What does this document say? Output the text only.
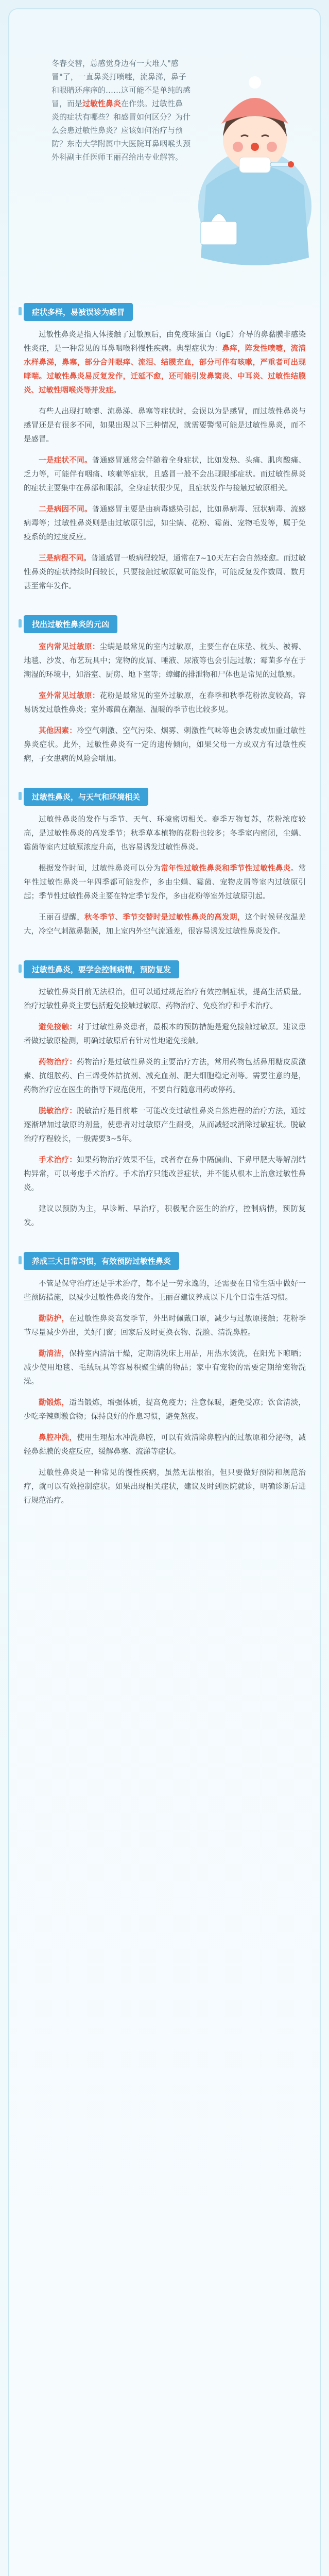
冬春交替，总感觉身边有一大堆人"感冒"了，一直鼻炎打喷嚏，流鼻涕，鼻子和眼睛还痒痒的……这可能不是单纯的感冒，而是过敏性鼻炎在作祟。过敏性鼻炎的症状有哪些？和感冒如何区分？为什么会患过敏性鼻炎？应该如何治疗与预防？东南大学附属中大医院耳鼻咽喉头颈外科副主任医师王丽召给出专业解答。
症状多样，易被误诊为感冒

过敏性鼻炎是指人体接触了过敏原后，由免疫球蛋白（IgE）介导的鼻黏膜非感染性炎症，是一种常见的耳鼻咽喉科慢性疾病。典型症状为：鼻痒，阵发性喷嚏，流清水样鼻涕，鼻塞，部分合并眼痒、流泪、结膜充血，部分可伴有咳嗽，严重者可出现哮喘。过敏性鼻炎易反复发作，迁延不愈，还可能引发鼻窦炎、中耳炎、过敏性结膜炎、过敏性咽喉炎等并发症。

有些人出现打喷嚏、流鼻涕、鼻塞等症状时，会误以为是感冒，而过敏性鼻炎与感冒还是有很多不同，如果出现以下三种情况，就需要警惕可能是过敏性鼻炎，而不是感冒。

一是症状不同。普通感冒通常会伴随着全身症状，比如发热、头痛、肌肉酸痛、乏力等，可能伴有咽痛、咳嗽等症状，且感冒一般不会出现眼部症状。而过敏性鼻炎的症状主要集中在鼻部和眼部，全身症状很少见，且症状发作与接触过敏原相关。

二是病因不同。普通感冒主要是由病毒感染引起，比如鼻病毒、冠状病毒、流感病毒等；过敏性鼻炎则是由过敏原引起，如尘螨、花粉、霉菌、宠物毛发等，属于免疫系统的过度反应。

三是病程不同。普通感冒一般病程较短，通常在7~10天左右会自然痊愈。而过敏性鼻炎的症状持续时间较长，只要接触过敏原就可能发作，可能反复发作数周、数月甚至常年发作。

找出过敏性鼻炎的元凶

室内常见过敏原：尘螨是最常见的室内过敏原，主要生存在床垫、枕头、被褥、地毯、沙发、布艺玩具中；宠物的皮屑、唾液、尿液等也会引起过敏；霉菌多存在于潮湿的环境中，如浴室、厨房、地下室等；蟑螂的排泄物和尸体也是常见的过敏原。

室外常见过敏原：花粉是最常见的室外过敏原，在春季和秋季花粉浓度较高，容易诱发过敏性鼻炎；室外霉菌在潮湿、温暖的季节也比较多见。

其他因素：冷空气刺激、空气污染、烟雾、刺激性气味等也会诱发或加重过敏性鼻炎症状。此外，过敏性鼻炎有一定的遗传倾向，如果父母一方或双方有过敏性疾病，子女患病的风险会增加。

过敏性鼻炎，与天气和环境相关

过敏性鼻炎的发作与季节、天气、环境密切相关。春季万物复苏，花粉浓度较高，是过敏性鼻炎的高发季节；秋季草本植物的花粉也较多；冬季室内密闭，尘螨、霉菌等室内过敏原浓度升高，也容易诱发过敏性鼻炎。

根据发作时间，过敏性鼻炎可以分为常年性过敏性鼻炎和季节性过敏性鼻炎。常年性过敏性鼻炎一年四季都可能发作，多由尘螨、霉菌、宠物皮屑等室内过敏原引起；季节性过敏性鼻炎主要在特定季节发作，多由花粉等室外过敏原引起。

王丽召提醒，秋冬季节、季节交替时是过敏性鼻炎的高发期，这个时候昼夜温差大，冷空气刺激鼻黏膜，加上室内外空气流通差，很容易诱发过敏性鼻炎发作。

过敏性鼻炎，要学会控制病情，预防复发

过敏性鼻炎目前无法根治，但可以通过规范治疗有效控制症状，提高生活质量。治疗过敏性鼻炎主要包括避免接触过敏原、药物治疗、免疫治疗和手术治疗。

避免接触：对于过敏性鼻炎患者，最根本的预防措施是避免接触过敏原。建议患者做过敏原检测，明确过敏原后有针对性地避免接触。

药物治疗：药物治疗是过敏性鼻炎的主要治疗方法，常用药物包括鼻用糖皮质激素、抗组胺药、白三烯受体拮抗剂、减充血剂、肥大细胞稳定剂等。需要注意的是，药物治疗应在医生的指导下规范使用，不要自行随意用药或停药。

脱敏治疗：脱敏治疗是目前唯一可能改变过敏性鼻炎自然进程的治疗方法，通过逐渐增加过敏原的剂量，使患者对过敏原产生耐受，从而减轻或消除过敏症状。脱敏治疗疗程较长，一般需要3~5年。

手术治疗：如果药物治疗效果不佳，或者存在鼻中隔偏曲、下鼻甲肥大等解剖结构异常，可以考虑手术治疗。手术治疗只能改善症状，并不能从根本上治愈过敏性鼻炎。

建议以预防为主，早诊断、早治疗，积极配合医生的治疗，控制病情，预防复发。

养成三大日常习惯，有效预防过敏性鼻炎

不管是保守治疗还是手术治疗，都不是一劳永逸的，还需要在日常生活中做好一些预防措施，以减少过敏性鼻炎的发作。王丽召建议养成以下几个日常生活习惯。

勤防护，在过敏性鼻炎高发季节，外出时佩戴口罩，减少与过敏原接触；花粉季节尽量减少外出，关好门窗；回家后及时更换衣物、洗脸、清洗鼻腔。

勤清洁，保持室内清洁干燥，定期清洗床上用品，用热水烫洗，在阳光下晾晒；减少使用地毯、毛绒玩具等容易积聚尘螨的物品；家中有宠物的需要定期给宠物洗澡。

勤锻炼，适当锻炼，增强体质，提高免疫力；注意保暖，避免受凉；饮食清淡，少吃辛辣刺激食物；保持良好的作息习惯，避免熬夜。

鼻腔冲洗，使用生理盐水冲洗鼻腔，可以有效清除鼻腔内的过敏原和分泌物，减轻鼻黏膜的炎症反应，缓解鼻塞、流涕等症状。

过敏性鼻炎是一种常见的慢性疾病，虽然无法根治，但只要做好预防和规范治疗，就可以有效控制症状。如果出现相关症状，建议及时到医院就诊，明确诊断后进行规范治疗。
